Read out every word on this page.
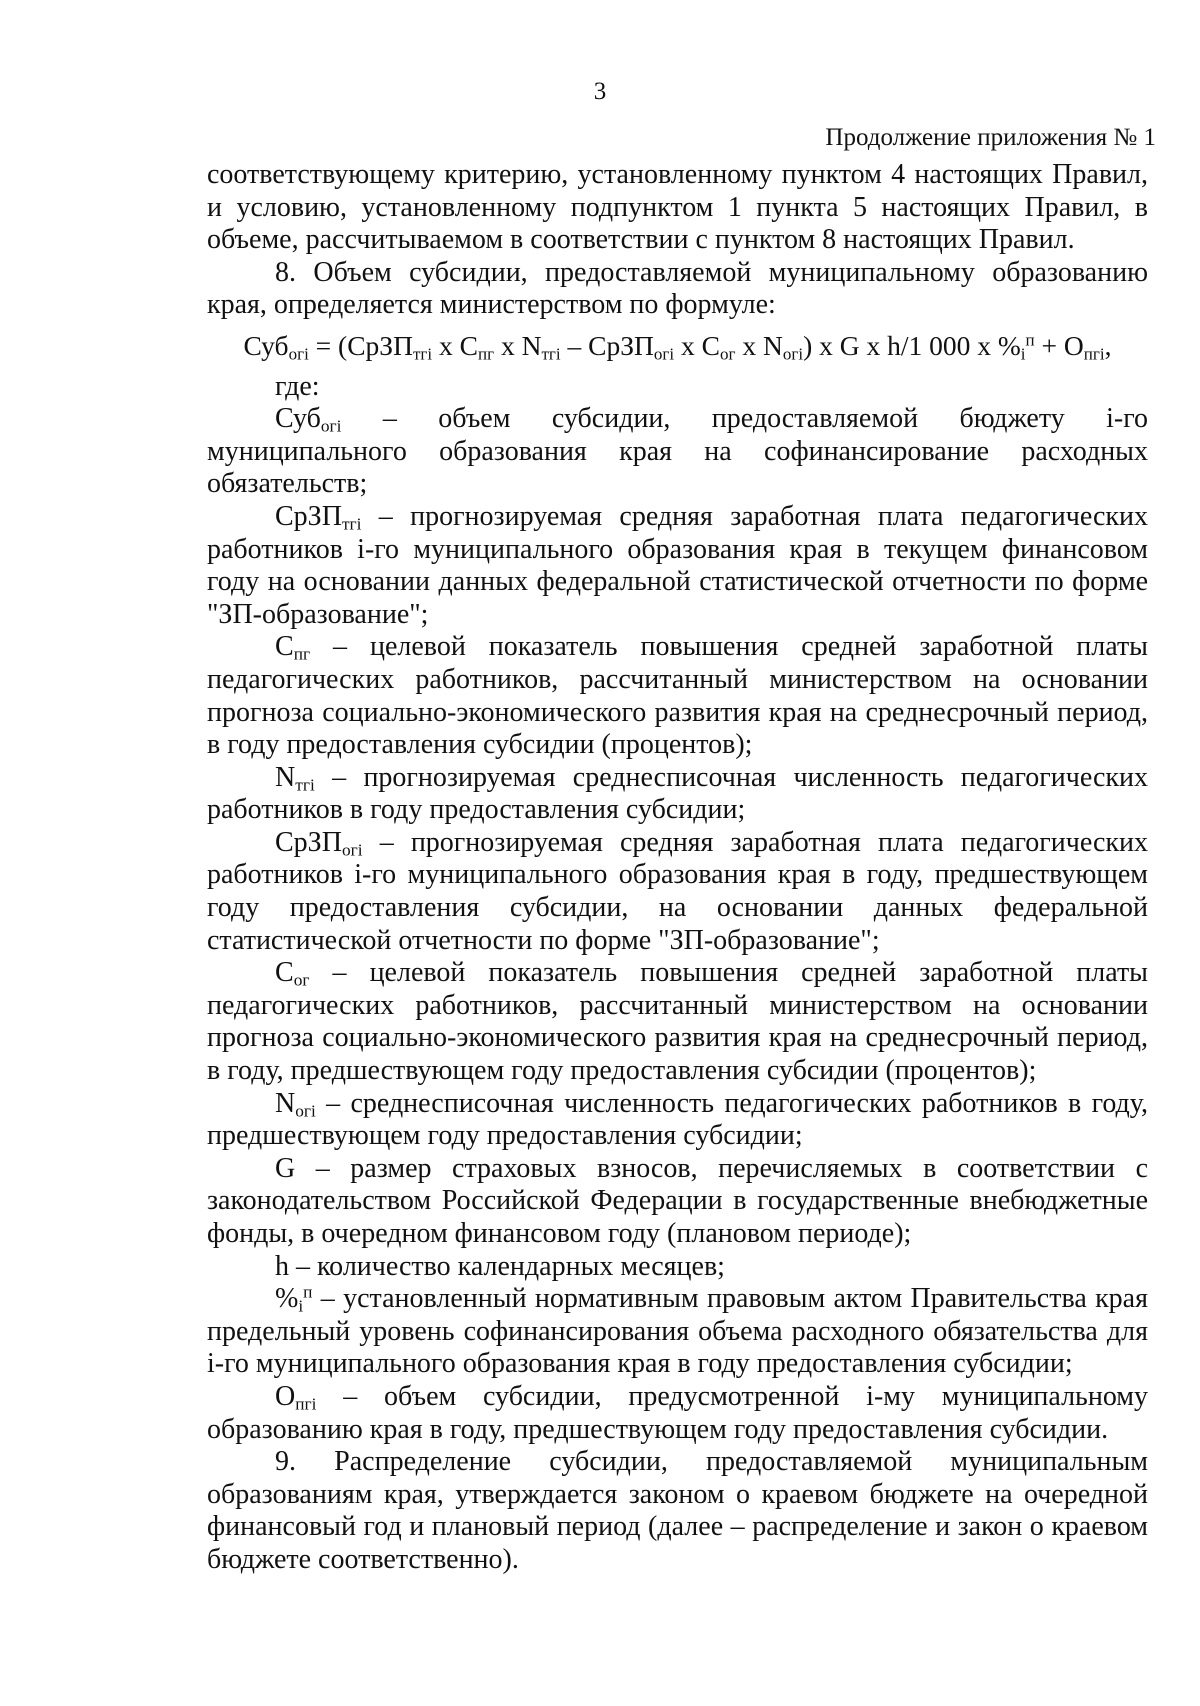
3
Продолжение приложения № 1

соответствующему критерию, установленному пунктом 4 настоящих Правил, и условию, установленному подпунктом 1 пункта 5 настоящих Правил, в объеме, рассчитываемом в соответствии с пунктом 8 настоящих Правил.

8. Объем субсидии, предоставляемой муниципальному образованию края, определяется министерством по формуле:

Суб$_{огi}$ = (СрЗП$_{тгi}$ х $С_{пг}$ х $N_{тгi}$ – СрЗП$_{огi}$ х $С_{ог}$ х $N_{огi}$) х G х h/1 000 х $\%_i^п + О_{пгi}$,

где:

Суб$_{огi}$ – объем субсидии, предоставляемой бюджету i-го муниципального образования края на софинансирование расходных обязательств;

СрЗП$_{тгi}$ – прогнозируемая средняя заработная плата педагогических работников i-го муниципального образования края в текущем финансовом году на основании данных федеральной статистической отчетности по форме "ЗП-образование";

$С_{пг}$ – целевой показатель повышения средней заработной платы педагогических работников, рассчитанный министерством на основании прогноза социально-экономического развития края на среднесрочный период, в году предоставления субсидии (процентов);

$N_{тгi}$ – прогнозируемая среднесписочная численность педагогических работников в году предоставления субсидии;

СрЗП$_{огi}$ – прогнозируемая средняя заработная плата педагогических работников i-го муниципального образования края в году, предшествующем году предоставления субсидии, на основании данных федеральной статистической отчетности по форме "ЗП-образование";

$С_{ог}$ – целевой показатель повышения средней заработной платы педагогических работников, рассчитанный министерством на основании прогноза социально-экономического развития края на среднесрочный период, в году, предшествующем году предоставления субсидии (процентов);

$N_{огi}$ – среднесписочная численность педагогических работников в году, предшествующем году предоставления субсидии;

G – размер страховых взносов, перечисляемых в соответствии с законодательством Российской Федерации в государственные внебюджетные фонды, в очередном финансовом году (плановом периоде);

h – количество календарных месяцев;

$\%_i^п$ – установленный нормативным правовым актом Правительства края предельный уровень софинансирования объема расходного обязательства для i-го муниципального образования края в году предоставления субсидии;

$О_{пгi}$ – объем субсидии, предусмотренной i-му муниципальному образованию края в году, предшествующем году предоставления субсидии.

9. Распределение субсидии, предоставляемой муниципальным образованиям края, утверждается законом о краевом бюджете на очередной финансовый год и плановый период (далее – распределение и закон о краевом бюджете соответственно).
